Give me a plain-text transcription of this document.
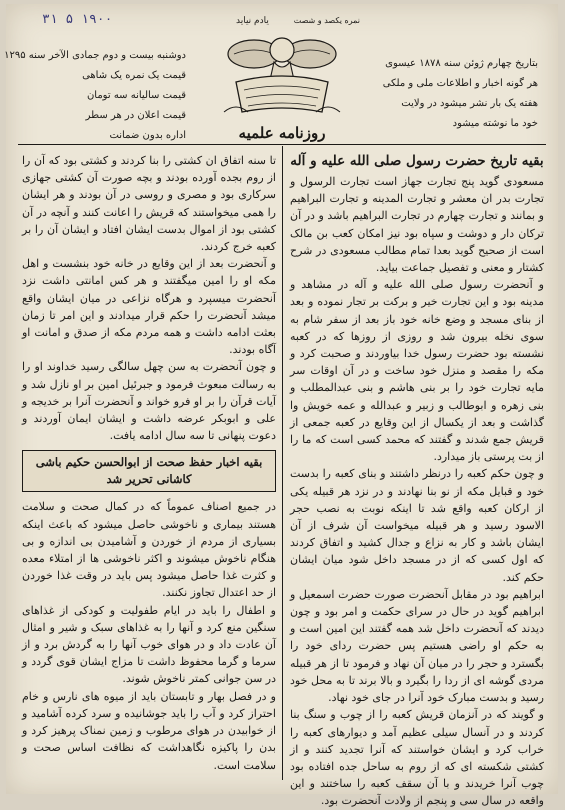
۳۱ ۵ ۱۹۰۰
بتاریخ چهارم ژوئن سنه ۱۸۷۸ عیسوی
هر گونه اخبار و اطلاعات ملی و ملکی
هفته یک بار نشر میشود در ولایت
خود ما نوشته میشود
نمره یکصد و شصت
یادم نیاید
روزنامه علمیه
دوشنبه بیست و دوم جمادی الآخر سنه ۱۲۹۵
قیمت یک نمره یک شاهی
قیمت سالیانه سه تومان
قیمت اعلان در هر سطر
اداره بدون ضمانت
بقیه تاریخ حضرت رسول صلی الله علیه و آله

مسعودی گوید پنج تجارت جهاز است تجارت الرسول و تجارت بدر ان معشر و تجارت المدینه و تجارت البراهیم و بمانند و تجارت چهارم در تجارت البراهیم باشد و در آن ترکان دار و دوشت و سپاه بود نیز امکان کعب بن مالک است از صحیح گوید بعدا تمام مطالب مسعودی در شرح کشتار و معنی و تفصیل جماعت بیاید.

و آنحضرت رسول صلی الله علیه و آله در مشاهد و مدینه بود و این تجارت خیر و برکت بر تجار نموده و بعد از بنای مسجد و وضع خانه خود باز بعد از سفر شام به سوی نخله بیرون شد و روزی از روزها که در کعبه نشسته بود حضرت رسول خدا بیاوردند و صحبت کرد و مکه را مقصد و منزل خود ساخت و در آن اوقات سر مایه تجارت خود را بر بنی هاشم و بنی عبدالمطلب و بنی زهره و ابوطالب و زبیر و عبدالله و عمه خویش وا گذاشت و بعد از یکسال از این وقایع در کعبه جمعی از قریش جمع شدند و گفتند که محمد کسی است که ما را از بت پرستی باز میدارد.

و چون حکم کعبه را درنظر داشتند و بنای کعبه را بدست خود و قبایل مکه از نو بنا نهادند و در نزد هر قبیله یکی از ارکان کعبه واقع شد تا اینکه نوبت به نصب حجر الاسود رسید و هر قبیله میخواست آن شرف از آن ایشان باشد و کار به نزاع و جدال کشید و اتفاق کردند که اول کسی که از در مسجد داخل شود میان ایشان حکم کند.

ابراهیم بود در مقابل آنحضرت صورت حضرت اسمعیل و ابراهیم گوید در حال در سرای حکمت و امر بود و چون دیدند که آنحضرت داخل شد همه گفتند این امین است و به حکم او راضی هستیم پس حضرت ردای خود را بگسترد و حجر را در میان آن نهاد و فرمود تا از هر قبیله مردی گوشه ای از ردا را بگیرد و بالا برند تا به محل خود رسید و بدست مبارک خود آنرا در جای خود نهاد.

و گویند که در آنزمان قریش کعبه را از چوب و سنگ بنا کردند و در آنسال سیلی عظیم آمد و دیوارهای کعبه را خراب کرد و ایشان خواستند که آنرا تجدید کنند و از کشتی شکسته ای که از روم به ساحل جده افتاده بود چوب آنرا خریدند و با آن سقف کعبه را ساختند و این واقعه در سال سی و پنجم از ولادت آنحضرت بود.

تا سنه اتفاق ان کشتی را بنا کردند و کشتی بود که آن را از روم بجده آورده بودند و بچه صورت آن کشتی جهازی سرکاری بود و مصری و روسی در آن بودند و هر ایشان را همی میخواستند که قریش را اعانت کنند و آنچه در آن کشتی بود از اموال بدست ایشان افتاد و ایشان آن را بر کعبه خرج کردند.

و آنحضرت بعد از این وقایع در خانه خود بنشست و اهل مکه او را امین میگفتند و هر کس امانتی داشت نزد آنحضرت میسپرد و هرگاه نزاعی در میان ایشان واقع میشد آنحضرت را حکم قرار میدادند و این امر تا زمان بعثت ادامه داشت و همه مردم مکه از صدق و امانت او آگاه بودند.

و چون آنحضرت به سن چهل سالگی رسید خداوند او را به رسالت مبعوث فرمود و جبرئیل امین بر او نازل شد و آیات قرآن را بر او فرو خواند و آنحضرت آنرا بر خدیجه و علی و ابوبکر عرضه داشت و ایشان ایمان آوردند و دعوت پنهانی تا سه سال ادامه یافت.

بقیه اخبار حفظ صحت از ابوالحسن حکیم باشی کاشانی تحریر شد

در جمیع اصناف عموماً که در کمال صحت و سلامت هستند بیماری و ناخوشی حاصل میشود که باعث اینکه بسیاری از مردم از خوردن و آشامیدن بی اندازه و بی هنگام ناخوش میشوند و اکثر ناخوشی ها از امتلاء معده و کثرت غذا حاصل میشود پس باید در وقت غذا خوردن از حد اعتدال تجاوز نکنند.

و اطفال را باید در ایام طفولیت و کودکی از غذاهای سنگین منع کرد و آنها را به غذاهای سبک و شیر و امثال آن عادت داد و در هوای خوب آنها را به گردش برد و از سرما و گرما محفوظ داشت تا مزاج ایشان قوی گردد و در سن جوانی کمتر ناخوش شوند.

و در فصل بهار و تابستان باید از میوه های نارس و خام احتراز کرد و آب را باید جوشانیده و سرد کرده آشامید و از خوابیدن در هوای مرطوب و زمین نمناک پرهیز کرد و بدن را پاکیزه نگاهداشت که نظافت اساس صحت و سلامت است.
